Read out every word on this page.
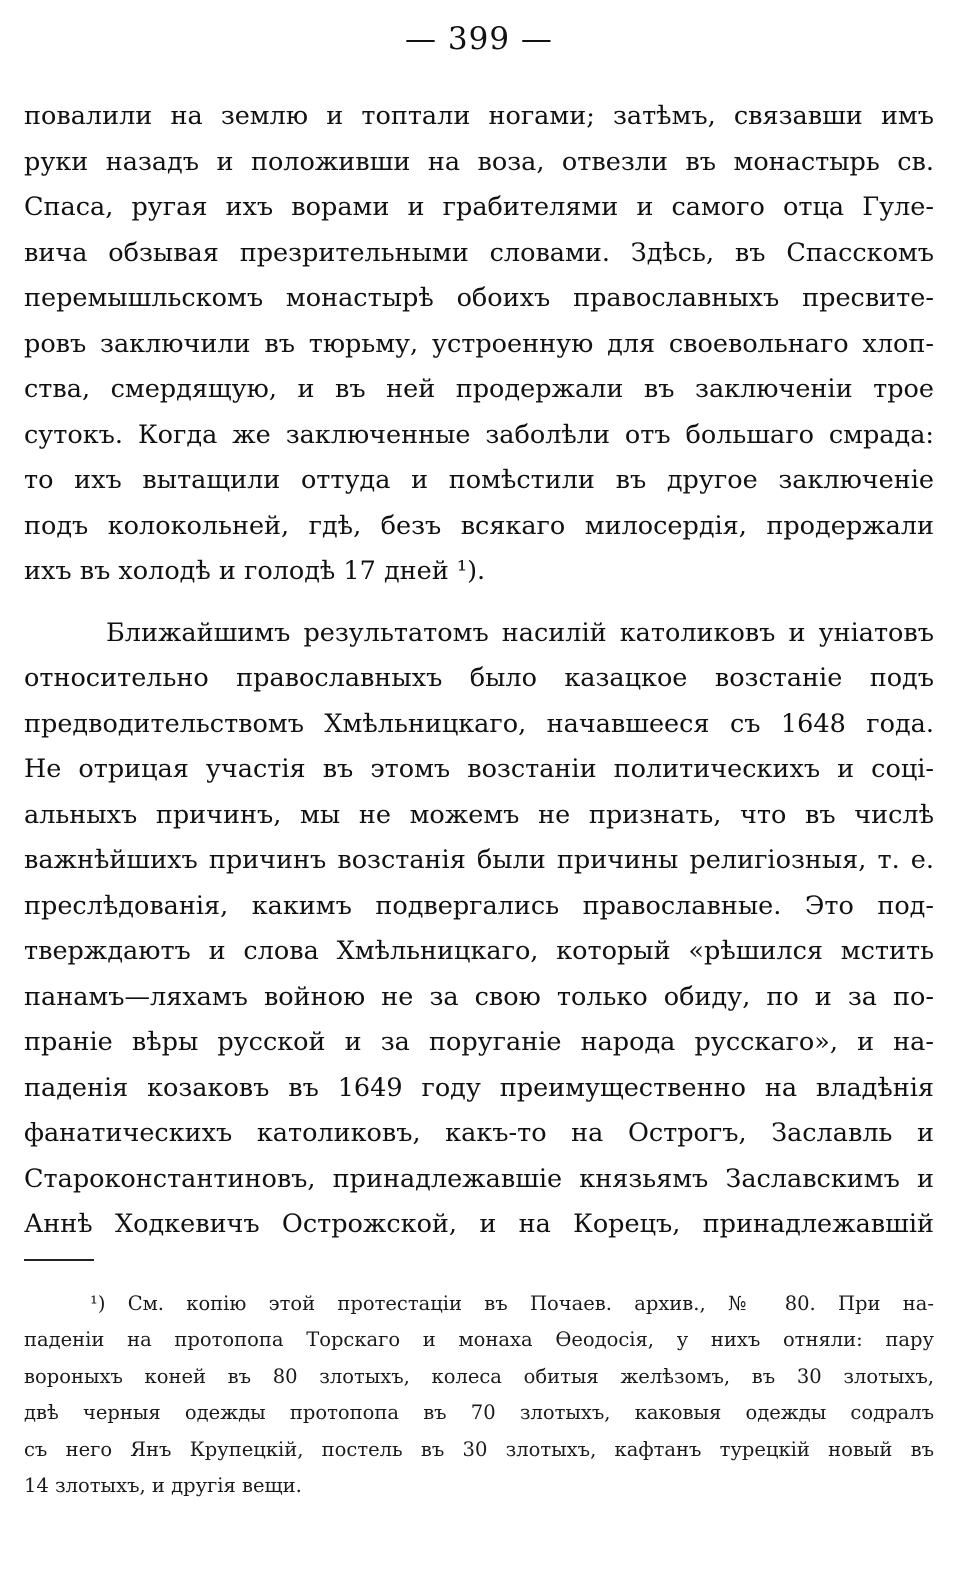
— 399 —
повалили на землю и топтали ногами; затѣмъ, связавши имъ
руки назадъ и положивши на воза, отвезли въ монастырь св.
Спаса, ругая ихъ ворами и грабителями и самого отца Гуле-
вича обзывая презрительными словами. Здѣсь, въ Спасскомъ
перемышльскомъ монастырѣ обоихъ православныхъ пресвите-
ровъ заключили въ тюрьму, устроенную для своевольнаго хлоп-
ства, смердящую, и въ ней продержали въ заключеніи трое
сутокъ. Когда же заключенные заболѣли отъ большаго смрада:
то ихъ вытащили оттуда и помѣстили въ другое заключеніе
подъ колокольней, гдѣ, безъ всякаго милосердія, продержали
ихъ въ холодѣ и голодѣ 17 дней ¹).
Ближайшимъ результатомъ насилій католиковъ и уніатовъ
относительно православныхъ было казацкое возстаніе подъ
предводительствомъ Хмѣльницкаго, начавшееся съ 1648 года.
Не отрицая участія въ этомъ возстаніи политическихъ и соці-
альныхъ причинъ, мы не можемъ не признать, что въ числѣ
важнѣйшихъ причинъ возстанія были причины религіозныя, т. е.
преслѣдованія, какимъ подвергались православные. Это под-
тверждаютъ и слова Хмѣльницкаго, который «рѣшился мстить
панамъ—ляхамъ войною не за свою только обиду, по и за по-
праніе вѣры русской и за поруганіе народа русскаго», и на-
паденія козаковъ въ 1649 году преимущественно на владѣнія
фанатическихъ католиковъ, какъ-то на Острогъ, Заславль и
Староконстантиновъ, принадлежавшіе князьямъ Заславскимъ и
Аннѣ Ходкевичъ Острожской, и на Корецъ, принадлежавшій
¹) См. копію этой протестаціи въ Почаев. архив., № 80. При на-
паденіи на протопопа Торскаго и монаха Өеодосія, у нихъ отняли: пару
вороныхъ коней въ 80 злотыхъ, колеса обитыя желѣзомъ, въ 30 злотыхъ,
двѣ черныя одежды протопопа въ 70 злотыхъ, каковыя одежды содралъ
съ него Янъ Крупецкій, постель въ 30 злотыхъ, кафтанъ турецкій новый въ
14 злотыхъ, и другія вещи.
